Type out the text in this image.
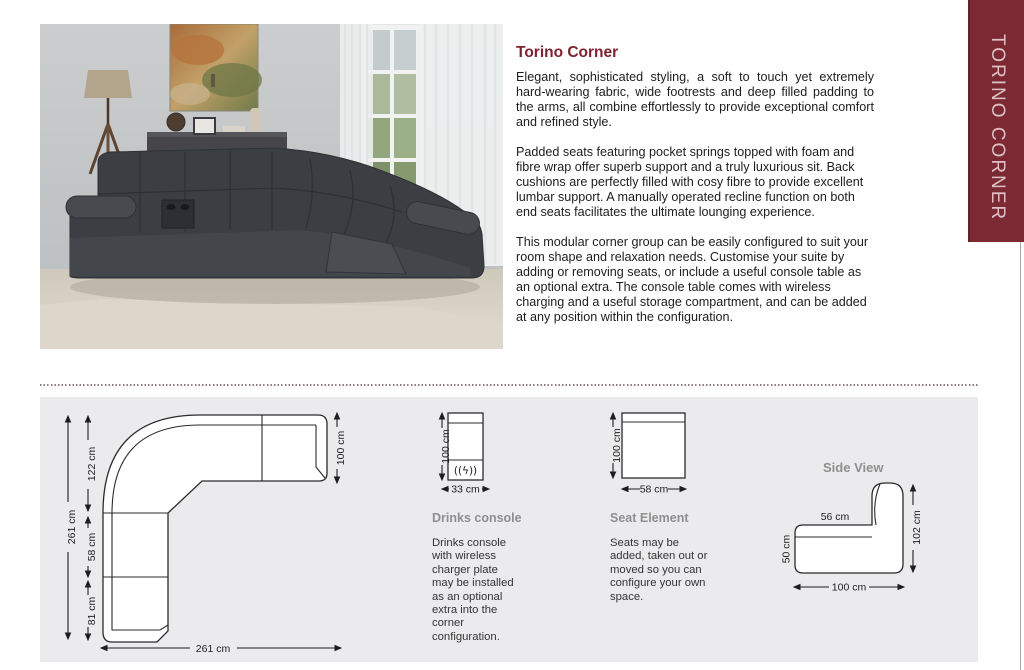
Torino Corner

Elegant, sophisticated styling, a soft to touch yet extremely hard-wearing fabric, wide footrests and deep filled padding to the arms, all combine effortlessly to provide exceptional comfort and refined style.

Padded seats featuring pocket springs topped with foam and fibre wrap offer superb support and a truly luxurious sit. Back cushions are perfectly filled with cosy fibre to provide excellent lumbar support. A manually operated recline function on both end seats facilitates the ultimate lounging experience.

This modular corner group can be easily configured to suit your room shape and relaxation needs. Customise your suite by adding or removing seats, or include a useful console table as an optional extra. The console table comes with wireless charging and a useful storage compartment, and can be added at any position within the configuration.

TORINO CORNER
261 cm
122 cm
58 cm
81 cm
100 cm
261 cm
((ϟ))
100 cm
33 cm
100 cm
58 cm
56 cm
50 cm
102 cm
100 cm
Drinks console
Drinks console with wireless charger plate may be installed as an optional extra into the corner configuration.
Seat Element
Seats may be added, taken out or moved so you can configure your own space.
Side View
